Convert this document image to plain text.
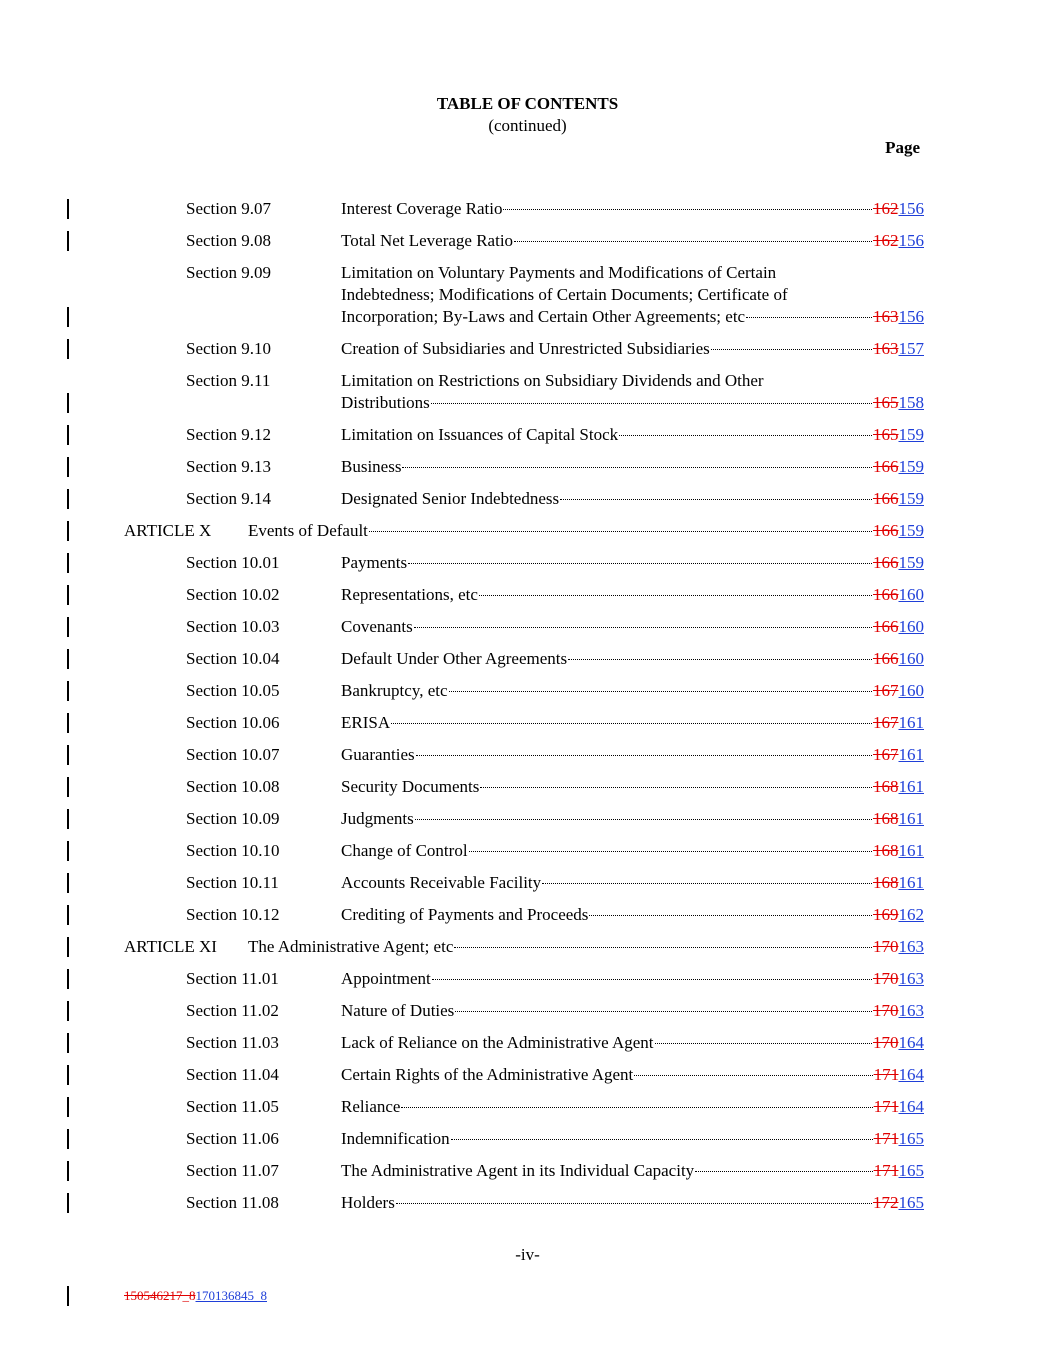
TABLE OF CONTENTS
(continued)
Page
Section 9.07	Interest Coverage Ratio	162156
Section 9.08	Total Net Leverage Ratio	162156
Section 9.09	Limitation on Voluntary Payments and Modifications of Certain
Indebtedness; Modifications of Certain Documents; Certificate of
Incorporation; By-Laws and Certain Other Agreements; etc	163156
Section 9.10	Creation of Subsidiaries and Unrestricted Subsidiaries	163157
Section 9.11	Limitation on Restrictions on Subsidiary Dividends and Other
Distributions	165158
Section 9.12	Limitation on Issuances of Capital Stock	165159
Section 9.13	Business	166159
Section 9.14	Designated Senior Indebtedness	166159
ARTICLE X Events of Default	166159
Section 10.01	Payments	166159
Section 10.02	Representations, etc	166160
Section 10.03	Covenants	166160
Section 10.04	Default Under Other Agreements	166160
Section 10.05	Bankruptcy, etc	167160
Section 10.06	ERISA	167161
Section 10.07	Guaranties	167161
Section 10.08	Security Documents	168161
Section 10.09	Judgments	168161
Section 10.10	Change of Control	168161
Section 10.11	Accounts Receivable Facility	168161
Section 10.12	Crediting of Payments and Proceeds	169162
ARTICLE XI The Administrative Agent; etc	170163
Section 11.01	Appointment	170163
Section 11.02	Nature of Duties	170163
Section 11.03	Lack of Reliance on the Administrative Agent	170164
Section 11.04	Certain Rights of the Administrative Agent	171164
Section 11.05	Reliance	171164
Section 11.06	Indemnification	171165
Section 11.07	The Administrative Agent in its Individual Capacity	171165
Section 11.08	Holders	172165
-iv-
150546217_8170136845_8
